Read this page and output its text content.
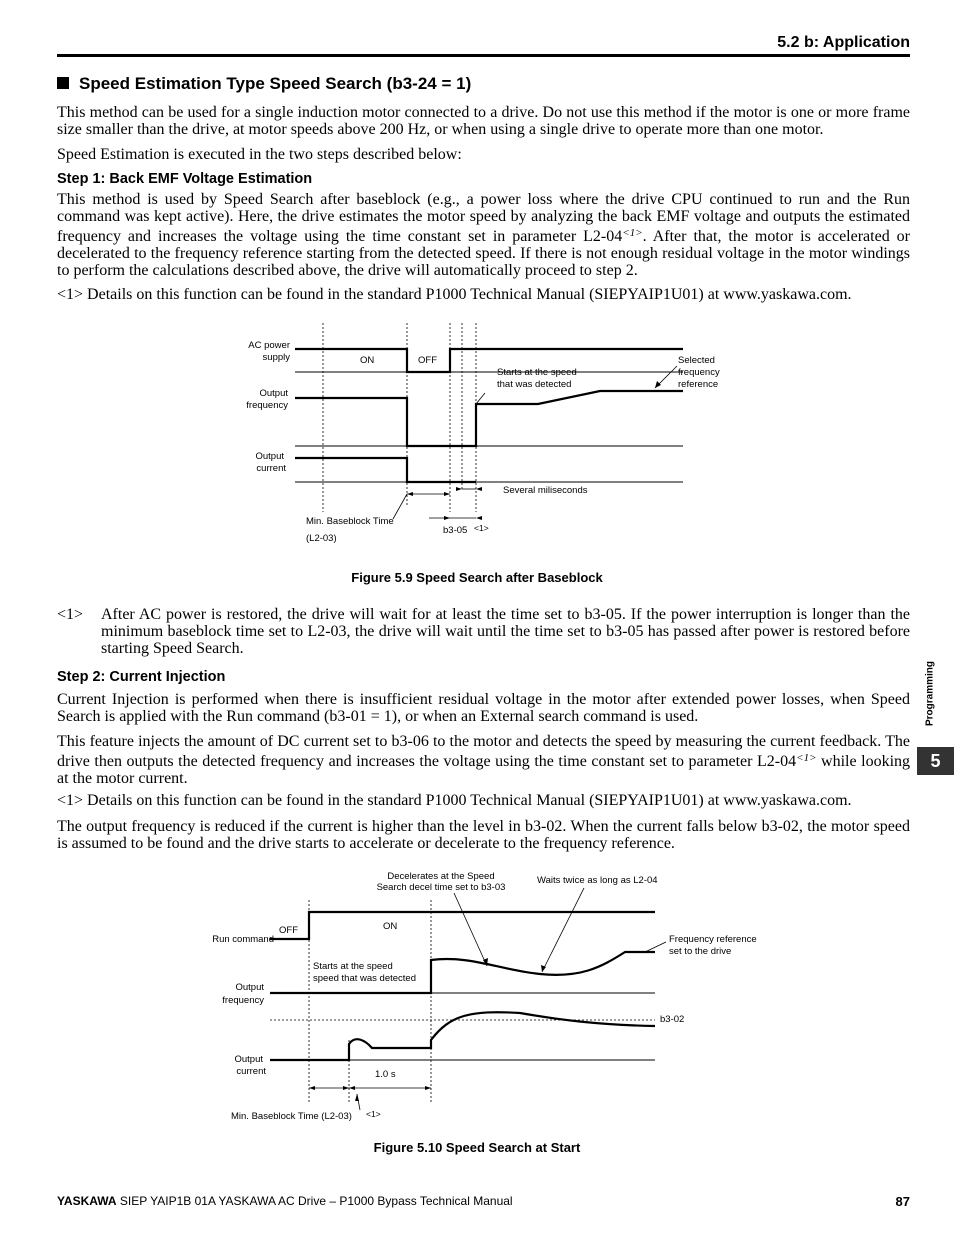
5.2 b: Application
Speed Estimation Type Speed Search (b3-24 = 1)
This method can be used for a single induction motor connected to a drive. Do not use this method if the motor is one or more frame size smaller than the drive, at motor speeds above 200 Hz, or when using a single drive to operate more than one motor.
Speed Estimation is executed in the two steps described below:
Step 1: Back EMF Voltage Estimation
This method is used by Speed Search after baseblock (e.g., a power loss where the drive CPU continued to run and the Run command was kept active). Here, the drive estimates the motor speed by analyzing the back EMF voltage and outputs the estimated frequency and increases the voltage using the time constant set in parameter $L2-04^{<1>}$. After that, the motor is accelerated or decelerated to the frequency reference starting from the detected speed. If there is not enough residual voltage in the motor windings to perform the calculations described above, the drive will automatically proceed to step 2.
<1> Details on this function can be found in the standard P1000 Technical Manual (SIEPYAIP1U01) at www.yaskawa.com.
AC power
supply	ON	OFF
Output
frequency
Output
current
Starts at the speed
that was detected
Selected
frequency
reference
Several miliseconds
Min. Baseblock Time
(L2-03)
b3-05 <1>
Figure 5.9 Speed Search after Baseblock
<1> After AC power is restored, the drive will wait for at least the time set to b3-05. If the power interruption is longer than the minimum baseblock time set to L2-03, the drive will wait until the time set to b3-05 has passed after power is restored before starting Speed Search.
Step 2: Current Injection
Current Injection is performed when there is insufficient residual voltage in the motor after extended power losses, when Speed Search is applied with the Run command (b3-01 = 1), or when an External search command is used.
This feature injects the amount of DC current set to b3-06 to the motor and detects the speed by measuring the current feedback. The drive then outputs the detected frequency and increases the voltage using the time constant set to parameter $L2-04^{<1>}$ while looking at the motor current.
<1> Details on this function can be found in the standard P1000 Technical Manual (SIEPYAIP1U01) at www.yaskawa.com.
The output frequency is reduced if the current is higher than the level in b3-02. When the current falls below b3-02, the motor speed is assumed to be found and the drive starts to accelerate or decelerate to the frequency reference.
Decelerates at the Speed
Search decel time set to b3-03
Waits twice as long as L2-04
Run command
OFF	ON
Frequency reference
set to the drive
Starts at the speed
speed that was detected
Output
frequency
b3-02
Output
current	1.0 s
Min. Baseblock Time (L2-03) <1>
Figure 5.10 Speed Search at Start
Programming
5
YASKAWA SIEP YAIP1B 01A YASKAWA AC Drive – P1000 Bypass Technical Manual	87
